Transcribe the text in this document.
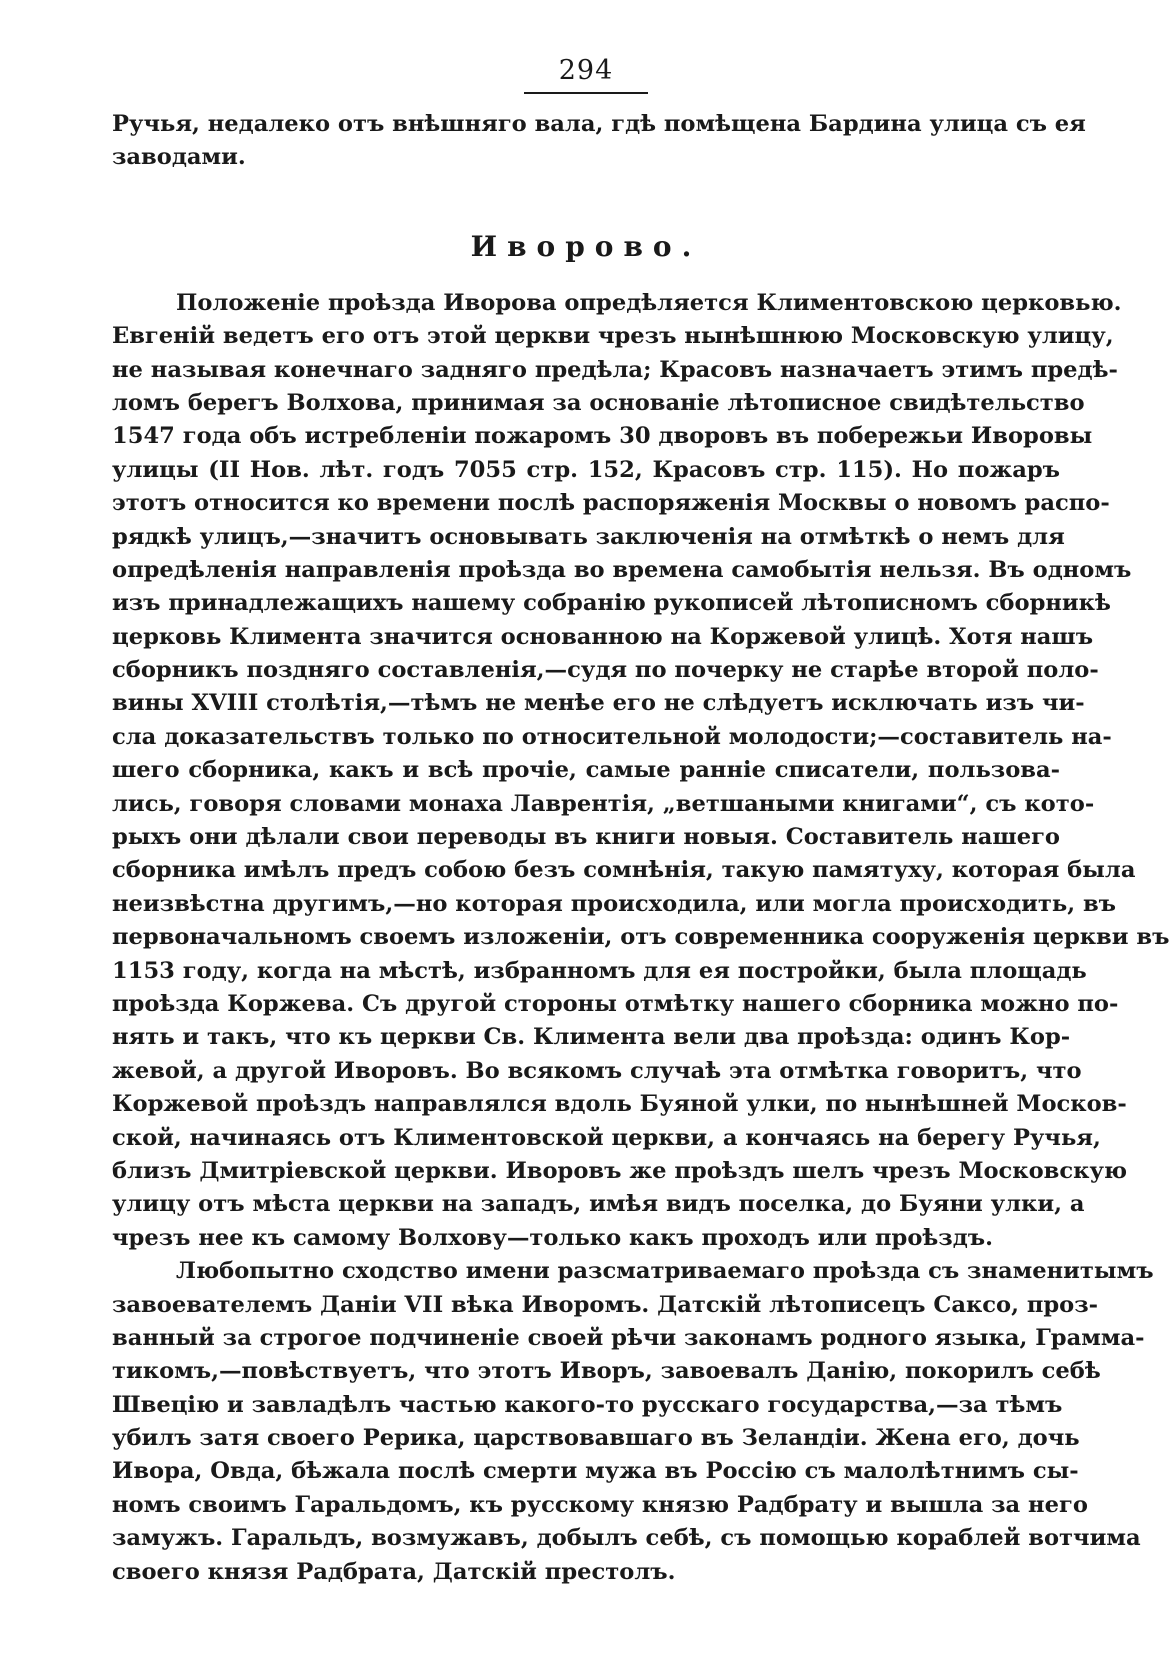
294
Ручья, недалеко отъ внѣшняго вала, гдѣ помѣщена Бардина улица съ ея
заводами.
Иворово.
Положеніе проѣзда Иворова опредѣляется Климентовскою церковью.
Евгеній ведетъ его отъ этой церкви чрезъ нынѣшнюю Московскую улицу,
не называя конечнаго задняго предѣла; Красовъ назначаетъ этимъ предѣ-
ломъ берегъ Волхова, принимая за основаніе лѣтописное свидѣтельство
1547 года объ истребленіи пожаромъ 30 дворовъ въ побережьи Иворовы
улицы (II Нов. лѣт. годъ 7055 стр. 152, Красовъ стр. 115). Но пожаръ
этотъ относится ко времени послѣ распоряженія Москвы о новомъ распо-
рядкѣ улицъ,—значитъ основывать заключенія на отмѣткѣ о немъ для
опредѣленія направленія проѣзда во времена самобытія нельзя. Въ одномъ
изъ принадлежащихъ нашему собранію рукописей лѣтописномъ сборникѣ
церковь Климента значится основанною на Коржевой улицѣ. Хотя нашъ
сборникъ поздняго составленія,—судя по почерку не старѣе второй поло-
вины XVIII столѣтія,—тѣмъ не менѣе его не слѣдуетъ исключать изъ чи-
сла доказательствъ только по относительной молодости;—составитель на-
шего сборника, какъ и всѣ прочіе, самые ранніе списатели, пользова-
лись, говоря словами монаха Лаврентія, „ветшаными книгами“, съ кото-
рыхъ они дѣлали свои переводы въ книги новыя. Составитель нашего
сборника имѣлъ предъ собою безъ сомнѣнія, такую памятуху, которая была
неизвѣстна другимъ,—но которая происходила, или могла происходить, въ
первоначальномъ своемъ изложеніи, отъ современника сооруженія церкви въ
1153 году, когда на мѣстѣ, избранномъ для ея постройки, была площадь
проѣзда Коржева. Съ другой стороны отмѣтку нашего сборника можно по-
нять и такъ, что къ церкви Св. Климента вели два проѣзда: одинъ Кор-
жевой, а другой Иворовъ. Во всякомъ случаѣ эта отмѣтка говоритъ, что
Коржевой проѣздъ направлялся вдоль Буяной улки, по нынѣшней Москов-
ской, начинаясь отъ Климентовской церкви, а кончаясь на берегу Ручья,
близъ Дмитріевской церкви. Иворовъ же проѣздъ шелъ чрезъ Московскую
улицу отъ мѣста церкви на западъ, имѣя видъ поселка, до Буяни улки, а
чрезъ нее къ самому Волхову—только какъ проходъ или проѣздъ.
Любопытно сходство имени разсматриваемаго проѣзда съ знаменитымъ
завоевателемъ Даніи VII вѣка Иворомъ. Датскій лѣтописецъ Саксо, проз-
ванный за строгое подчиненіе своей рѣчи законамъ родного языка, Грамма-
тикомъ,—повѣствуетъ, что этотъ Иворъ, завоевалъ Данію, покорилъ себѣ
Швецію и завладѣлъ частью какого-то русскаго государства,—за тѣмъ
убилъ затя своего Рерика, царствовавшаго въ Зеландіи. Жена его, дочь
Ивора, Овда, бѣжала послѣ смерти мужа въ Россію съ малолѣтнимъ сы-
номъ своимъ Гаральдомъ, къ русскому князю Радбрату и вышла за него
замужъ. Гаральдъ, возмужавъ, добылъ себѣ, съ помощью кораблей вотчима
своего князя Радбрата, Датскій престолъ.
